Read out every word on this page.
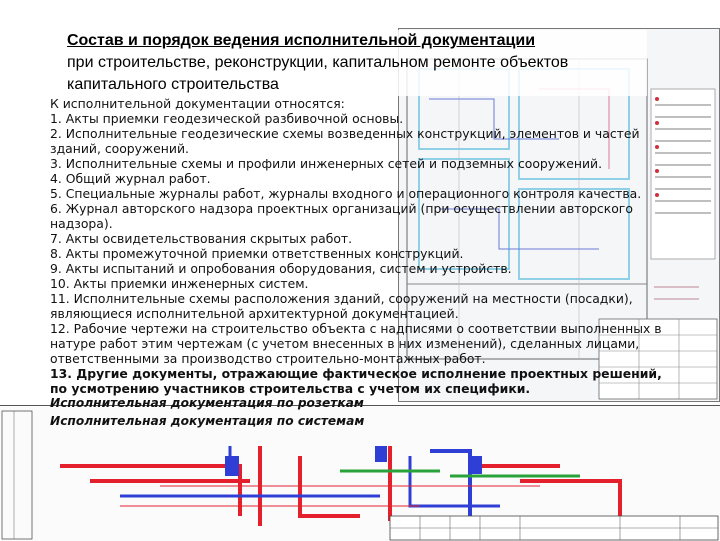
Состав и порядок ведения исполнительной документации

при строительстве, реконструкции, капитальном ремонте объектов

капитального строительства

К исполнительной документации относятся:

1. Акты приемки геодезической разбивочной основы.

2. Исполнительные геодезические схемы возведенных конструкций, элементов и частей зданий, сооружений.

3. Исполнительные схемы и профили инженерных сетей и подземных сооружений.

4. Общий журнал работ.

5. Специальные журналы работ, журналы входного и операционного контроля качества.

6. Журнал авторского надзора проектных организаций (при осуществлении авторского надзора).

7. Акты освидетельствования скрытых работ.

8. Акты промежуточной приемки ответственных конструкций.

9. Акты испытаний и опробования оборудования, систем и устройств.

10. Акты приемки инженерных систем.

11. Исполнительные схемы расположения зданий, сооружений на местности (посадки), являющиеся исполнительной архитектурной документацией.

12. Рабочие чертежи на строительство объекта с надписями о соответствии выполненных в натуре работ этим чертежам (с учетом внесенных в них изменений), сделанных лицами, ответственными за производство строительно-монтажных работ.

13. Другие документы, отражающие фактическое исполнение проектных решений, по усмотрению участников строительства с учетом их специфики.

Исполнительная документация по розеткам
Исполнительная документация по системам
